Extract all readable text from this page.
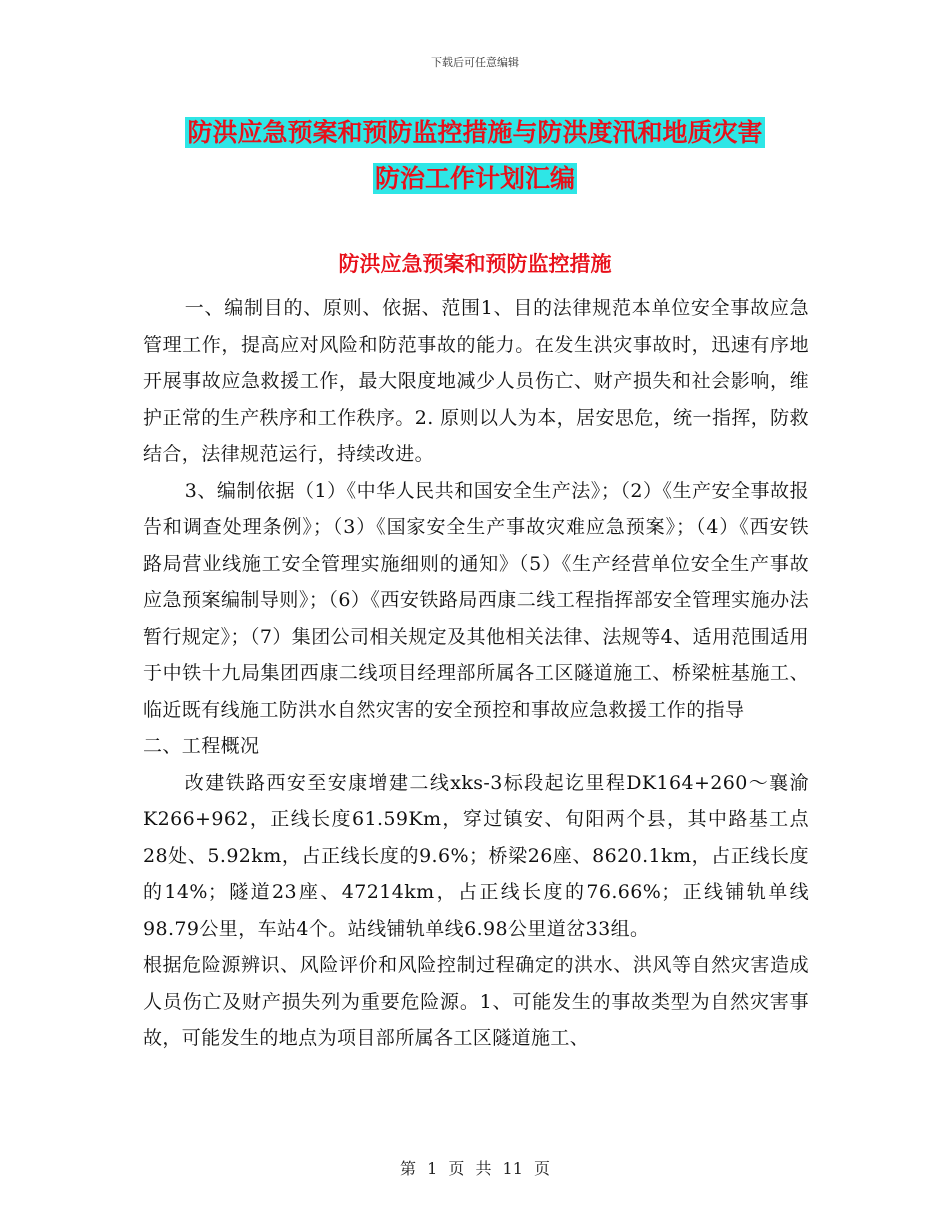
下载后可任意编辑
防洪应急预案和预防监控措施与防洪度汛和地质灾害
防治工作计划汇编
防洪应急预案和预防监控措施

一、编制目的、原则、依据、范围1、目的法律规范本单位安全事故应急管理工作，提高应对风险和防范事故的能力。在发生洪灾事故时，迅速有序地开展事故应急救援工作，最大限度地减少人员伤亡、财产损失和社会影响，维护正常的生产秩序和工作秩序。2. 原则以人为本，居安思危，统一指挥，防救结合，法律规范运行，持续改进。

3、编制依据（1）《中华人民共和国安全生产法》；（2）《生产安全事故报告和调查处理条例》；（3）《国家安全生产事故灾难应急预案》；（4）《西安铁路局营业线施工安全管理实施细则的通知》（5）《生产经营单位安全生产事故应急预案编制导则》；（6）《西安铁路局西康二线工程指挥部安全管理实施办法暂行规定》；（7）集团公司相关规定及其他相关法律、法规等4、适用范围适用于中铁十九局集团西康二线项目经理部所属各工区隧道施工、桥梁桩基施工、临近既有线施工防洪水自然灾害的安全预控和事故应急救援工作的指导

二、工程概况

改建铁路西安至安康增建二线xks-3标段起讫里程DK164+260～襄渝K266+962，正线长度61.59Km，穿过镇安、旬阳两个县，其中路基工点28处、5.92km，占正线长度的9.6%；桥梁26座、8620.1km，占正线长度的14%；隧道23座、47214km，占正线长度的76.66%；正线铺轨单线98.79公里，车站4个。站线铺轨单线6.98公里道岔33组。

根据危险源辨识、风险评价和风险控制过程确定的洪水、洪风等自然灾害造成人员伤亡及财产损失列为重要危险源。1、可能发生的事故类型为自然灾害事故，可能发生的地点为项目部所属各工区隧道施工、

第 1 页 共 11 页
